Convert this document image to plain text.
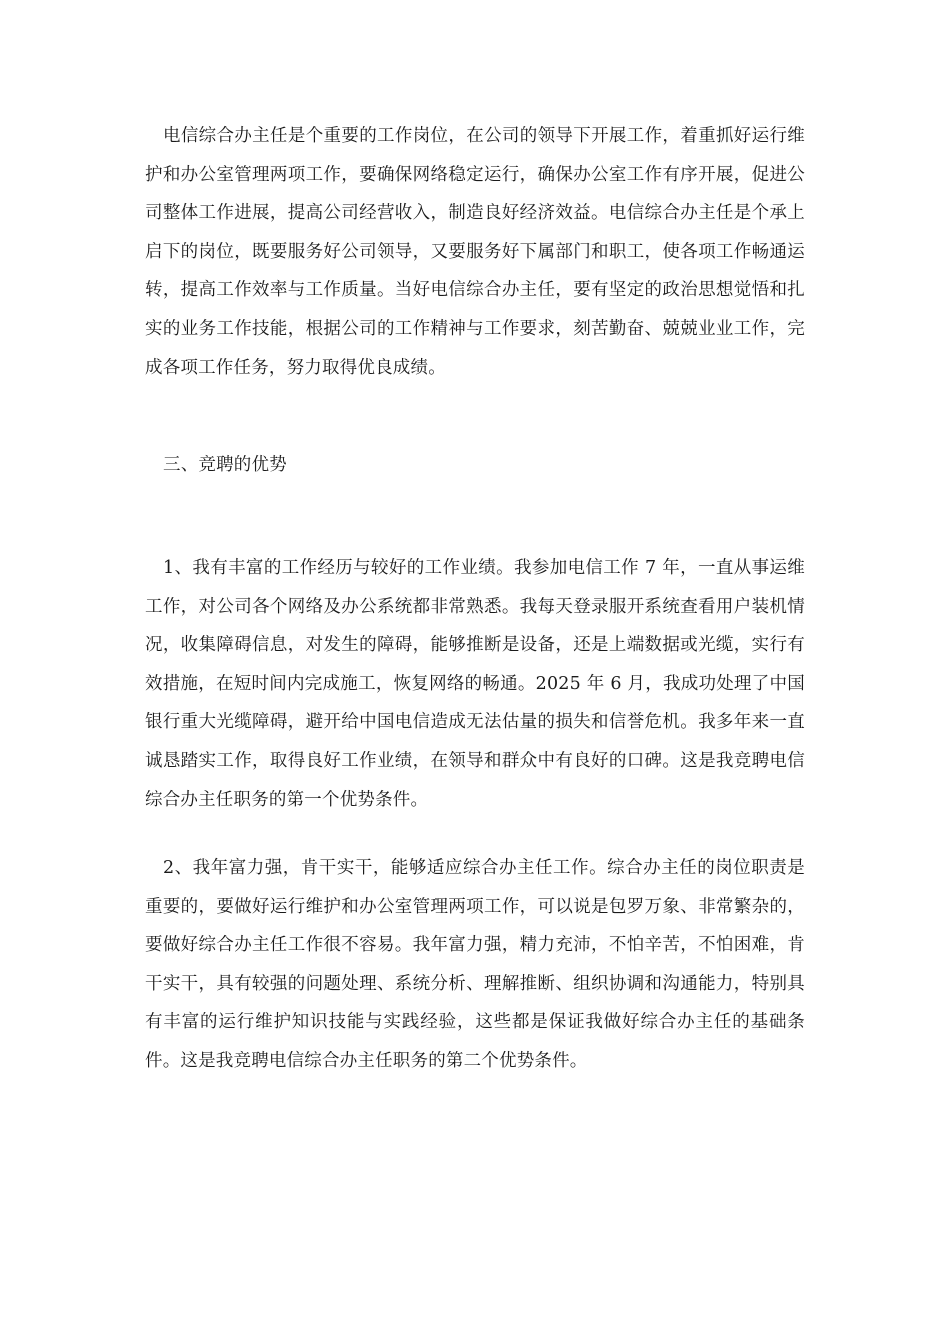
电信综合办主任是个重要的工作岗位，在公司的领导下开展工作，着重抓好运行维护和办公室管理两项工作，要确保网络稳定运行，确保办公室工作有序开展，促进公司整体工作进展，提高公司经营收入，制造良好经济效益。电信综合办主任是个承上启下的岗位，既要服务好公司领导，又要服务好下属部门和职工，使各项工作畅通运转，提高工作效率与工作质量。当好电信综合办主任，要有坚定的政治思想觉悟和扎实的业务工作技能，根据公司的工作精神与工作要求，刻苦勤奋、兢兢业业工作，完成各项工作任务，努力取得优良成绩。

三、竞聘的优势

1、我有丰富的工作经历与较好的工作业绩。我参加电信工作 7 年，一直从事运维工作，对公司各个网络及办公系统都非常熟悉。我每天登录服开系统查看用户装机情况，收集障碍信息，对发生的障碍，能够推断是设备，还是上端数据或光缆，实行有效措施，在短时间内完成施工，恢复网络的畅通。2025 年 6 月，我成功处理了中国银行重大光缆障碍，避开给中国电信造成无法估量的损失和信誉危机。我多年来一直诚恳踏实工作，取得良好工作业绩，在领导和群众中有良好的口碑。这是我竞聘电信综合办主任职务的第一个优势条件。

2、我年富力强，肯干实干，能够适应综合办主任工作。综合办主任的岗位职责是重要的，要做好运行维护和办公室管理两项工作，可以说是包罗万象、非常繁杂的，要做好综合办主任工作很不容易。我年富力强，精力充沛，不怕辛苦，不怕困难，肯干实干，具有较强的问题处理、系统分析、理解推断、组织协调和沟通能力，特别具有丰富的运行维护知识技能与实践经验，这些都是保证我做好综合办主任的基础条件。这是我竞聘电信综合办主任职务的第二个优势条件。
